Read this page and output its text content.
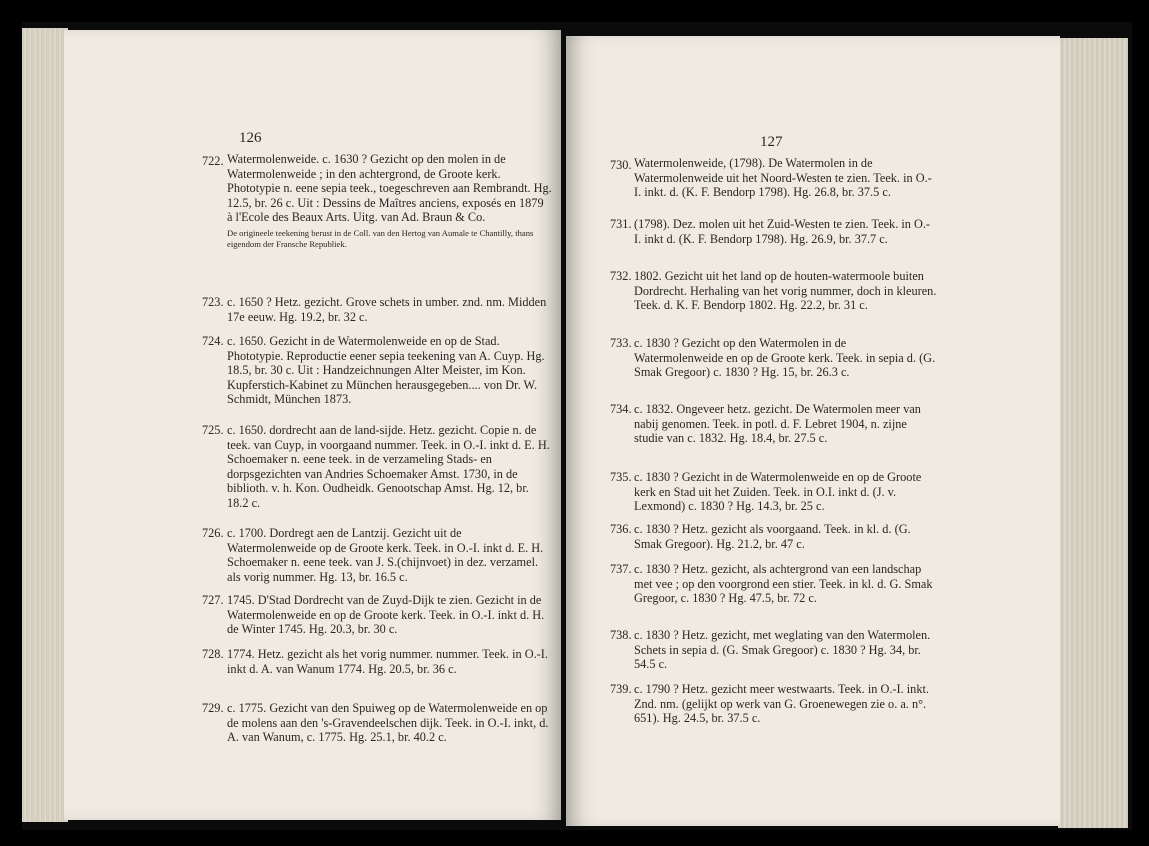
126
722. Watermolenweide. c. 1630 ? Gezicht op den molen in de Watermolenweide ; in den achtergrond, de Groote kerk. Phototypie n. eene sepia teek., toegeschreven aan Rembrandt. Hg. 12.5, br. 26 c. Uit : Dessins de Maîtres anciens, exposés en 1879 à l'Ecole des Beaux Arts. Uitg. van Ad. Braun & Co.

De origineele teekening berust in de Coll. van den Hertog van Aumale te Chantilly, thans eigendom der Fransche Republiek.

723. c. 1650 ? Hetz. gezicht. Grove schets in umber. znd. nm. Midden 17e eeuw. Hg. 19.2, br. 32 c.

724. c. 1650. Gezicht in de Watermolenweide en op de Stad. Phototypie. Reproductie eener sepia teekening van A. Cuyp. Hg. 18.5, br. 30 c. Uit : Handzeichnungen Alter Meister, im Kon. Kupferstich-Kabinet zu München herausgegeben.... von Dr. W. Schmidt, München 1873.

725. c. 1650. dordrecht aan de land-sijde. Hetz. gezicht. Copie n. de teek. van Cuyp, in voorgaand nummer. Teek. in O.-I. inkt d. E. H. Schoemaker n. eene teek. in de verzameling Stads- en dorpsgezichten van Andries Schoemaker Amst. 1730, in de biblioth. v. h. Kon. Oudheidk. Genootschap Amst. Hg. 12, br. 18.2 c.

726. c. 1700. Dordregt aen de Lantzij. Gezicht uit de Watermolenweide op de Groote kerk. Teek. in O.-I. inkt d. E. H. Schoemaker n. eene teek. van J. S.(chijnvoet) in dez. verzamel. als vorig nummer. Hg. 13, br. 16.5 c.

727. 1745. D'Stad Dordrecht van de Zuyd-Dijk te zien. Gezicht in de Watermolenweide en op de Groote kerk. Teek. in O.-I. inkt d. H. de Winter 1745. Hg. 20.3, br. 30 c.

728. 1774. Hetz. gezicht als het vorig nummer. nummer. Teek. in O.-I. inkt d. A. van Wanum 1774. Hg. 20.5, br. 36 c.

729. c. 1775. Gezicht van den Spuiweg op de Watermolenweide en op de molens aan den 's-Gravendeelschen dijk. Teek. in O.-I. inkt, d. A. van Wanum, c. 1775. Hg. 25.1, br. 40.2 c.

127
730. Watermolenweide, (1798). De Watermolen in de Watermolenweide uit het Noord-Westen te zien. Teek. in O.-I. inkt. d. (K. F. Bendorp 1798). Hg. 26.8, br. 37.5 c.

731. (1798). Dez. molen uit het Zuid-Westen te zien. Teek. in O.-I. inkt d. (K. F. Bendorp 1798). Hg. 26.9, br. 37.7 c.

732. 1802. Gezicht uit het land op de houten-watermoole buiten Dordrecht. Herhaling van het vorig nummer, doch in kleuren. Teek. d. K. F. Bendorp 1802. Hg. 22.2, br. 31 c.

733. c. 1830 ? Gezicht op den Watermolen in de Watermolenweide en op de Groote kerk. Teek. in sepia d. (G. Smak Gregoor) c. 1830 ? Hg. 15, br. 26.3 c.

734. c. 1832. Ongeveer hetz. gezicht. De Watermolen meer van nabij genomen. Teek. in potl. d. F. Lebret 1904, n. zijne studie van c. 1832. Hg. 18.4, br. 27.5 c.

735. c. 1830 ? Gezicht in de Watermolenweide en op de Groote kerk en Stad uit het Zuiden. Teek. in O.I. inkt d. (J. v. Lexmond) c. 1830 ? Hg. 14.3, br. 25 c.

736. c. 1830 ? Hetz. gezicht als voorgaand. Teek. in kl. d. (G. Smak Gregoor). Hg. 21.2, br. 47 c.

737. c. 1830 ? Hetz. gezicht, als achtergrond van een landschap met vee ; op den voorgrond een stier. Teek. in kl. d. G. Smak Gregoor, c. 1830 ? Hg. 47.5, br. 72 c.

738. c. 1830 ? Hetz. gezicht, met weglating van den Watermolen. Schets in sepia d. (G. Smak Gregoor) c. 1830 ? Hg. 34, br. 54.5 c.

739. c. 1790 ? Hetz. gezicht meer westwaarts. Teek. in O.-I. inkt. Znd. nm. (gelijkt op werk van G. Groenewegen zie o. a. n°. 651). Hg. 24.5, br. 37.5 c.
